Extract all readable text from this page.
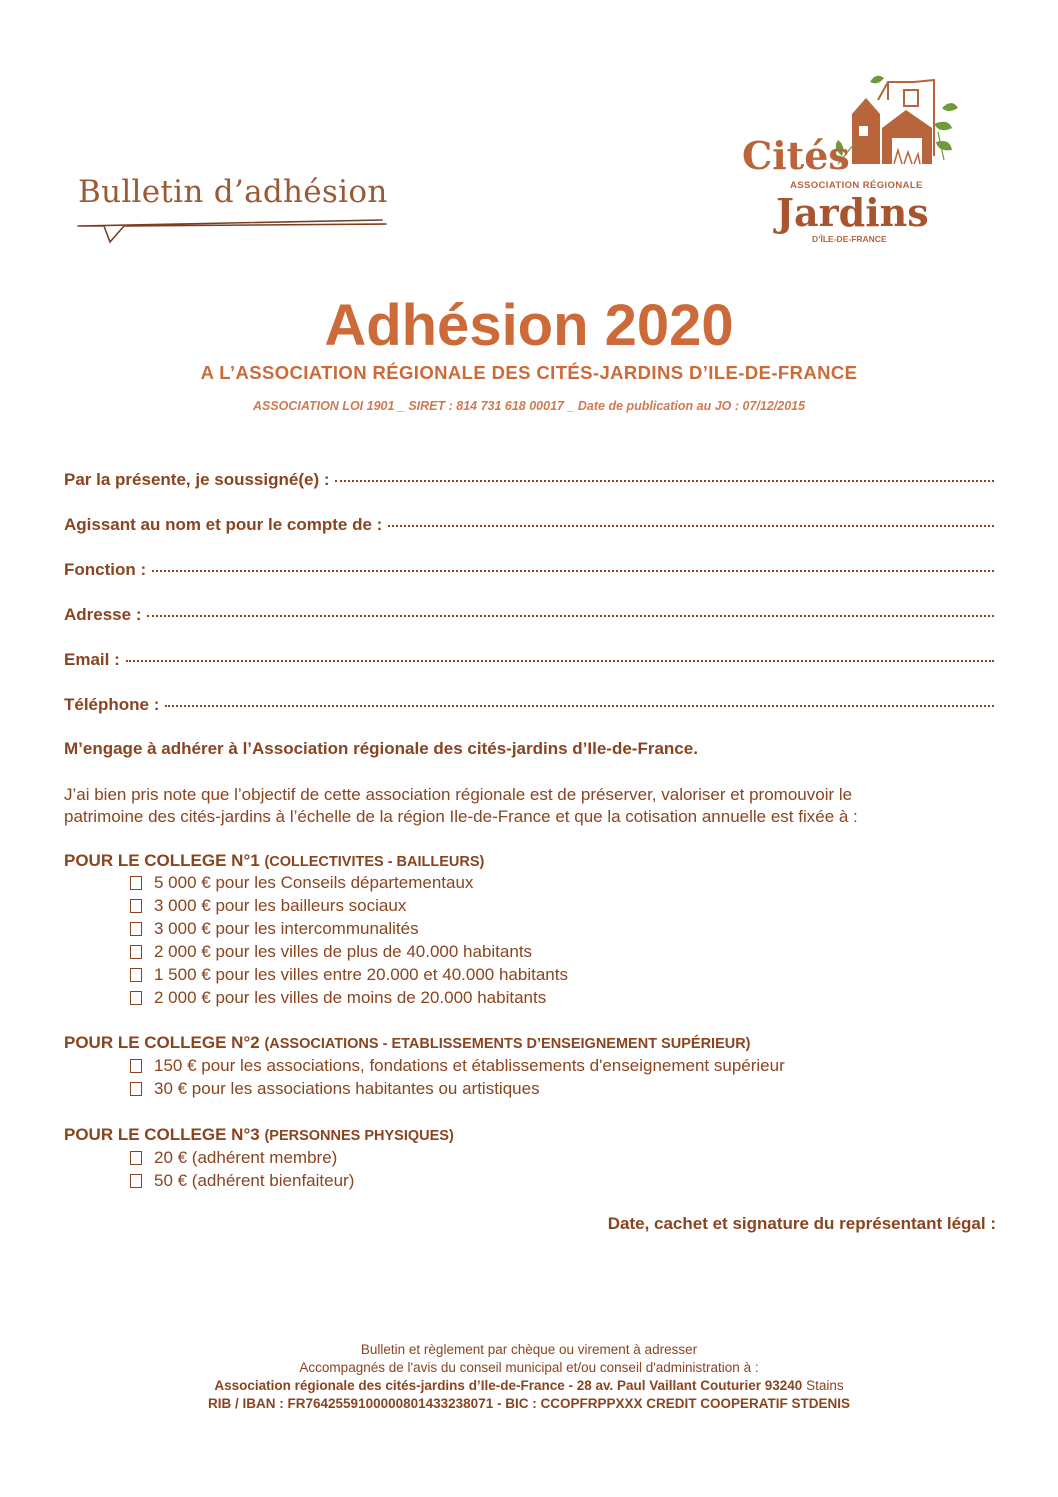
Bulletin d’adhésion
Cités
ASSOCIATION RÉGIONALE
Jardins
D’ÎLE-DE-FRANCE
Adhésion 2020
A L’ASSOCIATION RÉGIONALE DES CITÉS-JARDINS D’ILE-DE-FRANCE
ASSOCIATION LOI 1901 _ SIRET : 814 731 618 00017 _ Date de publication au JO : 07/12/2015
Par la présente, je soussigné(e) :
Agissant au nom et pour le compte de :
Fonction :
Adresse :
Email :
Téléphone :
M’engage à adhérer à l’Association régionale des cités-jardins d’Ile-de-France.
J’ai bien pris note que l’objectif de cette association régionale est de préserver, valoriser et promouvoir le
patrimoine des cités-jardins à l’échelle de la région Ile-de-France et que la cotisation annuelle est fixée à :
POUR LE COLLEGE N°1 (COLLECTIVITES - BAILLEURS)
5 000 € pour les Conseils départementaux
3 000 € pour les bailleurs sociaux
3 000 € pour les intercommunalités
2 000 € pour les villes de plus de 40.000 habitants
1 500 € pour les villes entre 20.000 et 40.000 habitants
2 000 € pour les villes de moins de 20.000 habitants
POUR LE COLLEGE N°2 (ASSOCIATIONS - ETABLISSEMENTS D’ENSEIGNEMENT SUPÉRIEUR)
150 € pour les associations, fondations et établissements d'enseignement supérieur
30 € pour les associations habitantes ou artistiques
POUR LE COLLEGE N°3 (PERSONNES PHYSIQUES)
20 € (adhérent membre)
50 € (adhérent bienfaiteur)
Date, cachet et signature du représentant légal :
Bulletin et règlement par chèque ou virement à adresser
Accompagnés de l'avis du conseil municipal et/ou conseil d'administration à :
Association régionale des cités-jardins d’Ile-de-France - 28 av. Paul Vaillant Couturier 93240 Stains
RIB / IBAN : FR7642559100000801433238071 - BIC : CCOPFRPPXXX CREDIT COOPERATIF STDENIS
